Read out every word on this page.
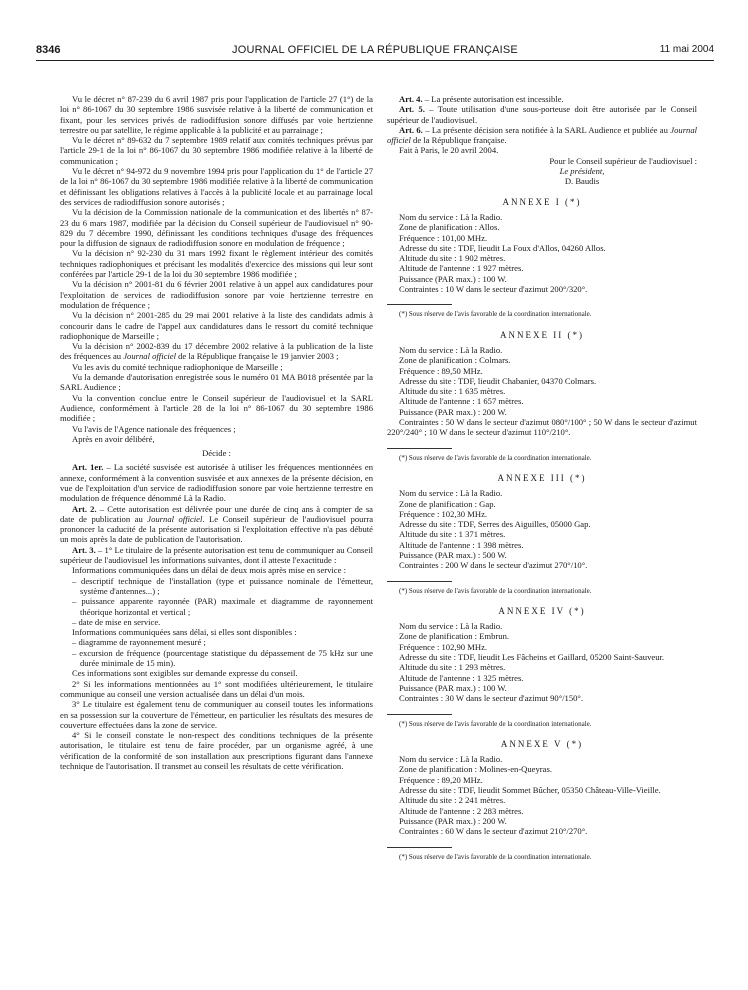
8346	JOURNAL OFFICIEL DE LA RÉPUBLIQUE FRANÇAISE	11 mai 2004

Vu le décret n° 87-239 du 6 avril 1987 pris pour l'application de l'article 27 (1°) de la loi n° 86-1067 du 30 septembre 1986 susvisée relative à la liberté de communication et fixant, pour les services privés de radiodiffusion sonore diffusés par voie hertzienne terrestre ou par satellite, le régime applicable à la publicité et au parrainage ;

Vu le décret n° 89-632 du 7 septembre 1989 relatif aux comités techniques prévus par l'article 29-1 de la loi n° 86-1067 du 30 septembre 1986 modifiée relative à la liberté de communication ;

Vu le décret n° 94-972 du 9 novembre 1994 pris pour l'application du 1° de l'article 27 de la loi n° 86-1067 du 30 septembre 1986 modifiée relative à la liberté de communication et définissant les obligations relatives à l'accès à la publicité locale et au parrainage local des services de radiodiffusion sonore autorisés ;

Vu la décision de la Commission nationale de la communication et des libertés n° 87-23 du 6 mars 1987, modifiée par la décision du Conseil supérieur de l'audiovisuel n° 90-829 du 7 décembre 1990, définissant les conditions techniques d'usage des fréquences pour la diffusion de signaux de radiodiffusion sonore en modulation de fréquence ;

Vu la décision n° 92-230 du 31 mars 1992 fixant le règlement intérieur des comités techniques radiophoniques et précisant les modalités d'exercice des missions qui leur sont conférées par l'article 29-1 de la loi du 30 septembre 1986 modifiée ;

Vu la décision n° 2001-81 du 6 février 2001 relative à un appel aux candidatures pour l'exploitation de services de radiodiffusion sonore par voie hertzienne terrestre en modulation de fréquence ;

Vu la décision n° 2001-285 du 29 mai 2001 relative à la liste des candidats admis à concourir dans le cadre de l'appel aux candidatures dans le ressort du comité technique radiophonique de Marseille ;

Vu la décision n° 2002-839 du 17 décembre 2002 relative à la publication de la liste des fréquences au Journal officiel de la République française le 19 janvier 2003 ;

Vu les avis du comité technique radiophonique de Marseille ;

Vu la demande d'autorisation enregistrée sous le numéro 01 MA B018 présentée par la SARL Audience ;

Vu la convention conclue entre le Conseil supérieur de l'audiovisuel et la SARL Audience, conformément à l'article 28 de la loi n° 86-1067 du 30 septembre 1986 modifiée ;

Vu l'avis de l'Agence nationale des fréquences ;

Après en avoir délibéré,

Décide :

Art. 1er. – La société susvisée est autorisée à utiliser les fréquences mentionnées en annexe, conformément à la convention susvisée et aux annexes de la présente décision, en vue de l'exploitation d'un service de radiodiffusion sonore par voie hertzienne terrestre en modulation de fréquence dénommé Là la Radio.

Art. 2. – Cette autorisation est délivrée pour une durée de cinq ans à compter de sa date de publication au Journal officiel. Le Conseil supérieur de l'audiovisuel pourra prononcer la caducité de la présente autorisation si l'exploitation effective n'a pas débuté un mois après la date de publication de l'autorisation.

Art. 3. – 1° Le titulaire de la présente autorisation est tenu de communiquer au Conseil supérieur de l'audiovisuel les informations suivantes, dont il atteste l'exactitude :

Informations communiquées dans un délai de deux mois après mise en service :

– descriptif technique de l'installation (type et puissance nominale de l'émetteur, système d'antennes...) ;
– puissance apparente rayonnée (PAR) maximale et diagramme de rayonnement théorique horizontal et vertical ;
– date de mise en service.

Informations communiquées sans délai, si elles sont disponibles :

– diagramme de rayonnement mesuré ;
– excursion de fréquence (pourcentage statistique du dépassement de 75 kHz sur une durée minimale de 15 min).

Ces informations sont exigibles sur demande expresse du conseil.

2° Si les informations mentionnées au 1° sont modifiées ultérieurement, le titulaire communique au conseil une version actualisée dans un délai d'un mois.

3° Le titulaire est également tenu de communiquer au conseil toutes les informations en sa possession sur la couverture de l'émetteur, en particulier les résultats des mesures de couverture effectuées dans la zone de service.

4° Si le conseil constate le non-respect des conditions techniques de la présente autorisation, le titulaire est tenu de faire procéder, par un organisme agréé, à une vérification de la conformité de son installation aux prescriptions figurant dans l'annexe technique de l'autorisation. Il transmet au conseil les résultats de cette vérification.

Art. 4. – La présente autorisation est incessible.

Art. 5. – Toute utilisation d'une sous-porteuse doit être autorisée par le Conseil supérieur de l'audiovisuel.

Art. 6. – La présente décision sera notifiée à la SARL Audience et publiée au Journal officiel de la République française.

Fait à Paris, le 20 avril 2004.

Pour le Conseil supérieur de l'audiovisuel :

Le président,

D. Baudis

ANNEXE I (*)

Nom du service : Là la Radio.

Zone de planification : Allos.

Fréquence : 101,00 MHz.

Adresse du site : TDF, lieudit La Foux d'Allos, 04260 Allos.

Altitude du site : 1 902 mètres.

Altitude de l'antenne : 1 927 mètres.

Puissance (PAR max.) : 100 W.

Contraintes : 10 W dans le secteur d'azimut 200°/320°.

(*) Sous réserve de l'avis favorable de la coordination internationale.

ANNEXE II (*)

Nom du service : Là la Radio.

Zone de planification : Colmars.

Fréquence : 89,50 MHz.

Adresse du site : TDF, lieudit Chabanier, 04370 Colmars.

Altitude du site : 1 635 mètres.

Altitude de l'antenne : 1 657 mètres.

Puissance (PAR max.) : 200 W.

Contraintes : 50 W dans le secteur d'azimut 080°/100° ; 50 W dans le secteur d'azimut 220°/240° ; 10 W dans le secteur d'azimut 110°/210°.

(*) Sous réserve de l'avis favorable de la coordination internationale.

ANNEXE III (*)

Nom du service : Là la Radio.

Zone de planification : Gap.

Fréquence : 102,30 MHz.

Adresse du site : TDF, Serres des Aiguilles, 05000 Gap.

Altitude du site : 1 371 mètres.

Altitude de l'antenne : 1 398 mètres.

Puissance (PAR max.) : 500 W.

Contraintes : 200 W dans le secteur d'azimut 270°/10°.

(*) Sous réserve de l'avis favorable de la coordination internationale.

ANNEXE IV (*)

Nom du service : Là la Radio.

Zone de planification : Embrun.

Fréquence : 102,90 MHz.

Adresse du site : TDF, lieudit Les Fâcheins et Gaillard, 05200 Saint-Sauveur.

Altitude du site : 1 293 mètres.

Altitude de l'antenne : 1 325 mètres.

Puissance (PAR max.) : 100 W.

Contraintes : 30 W dans le secteur d'azimut 90°/150°.

(*) Sous réserve de l'avis favorable de la coordination internationale.

ANNEXE V (*)

Nom du service : Là la Radio.

Zone de planification : Molines-en-Queyras.

Fréquence : 89,20 MHz.

Adresse du site : TDF, lieudit Sommet Bûcher, 05350 Château-Ville-Vieille.

Altitude du site : 2 241 mètres.

Altitude de l'antenne : 2 283 mètres.

Puissance (PAR max.) : 200 W.

Contraintes : 60 W dans le secteur d'azimut 210°/270°.

(*) Sous réserve de l'avis favorable de la coordination internationale.
